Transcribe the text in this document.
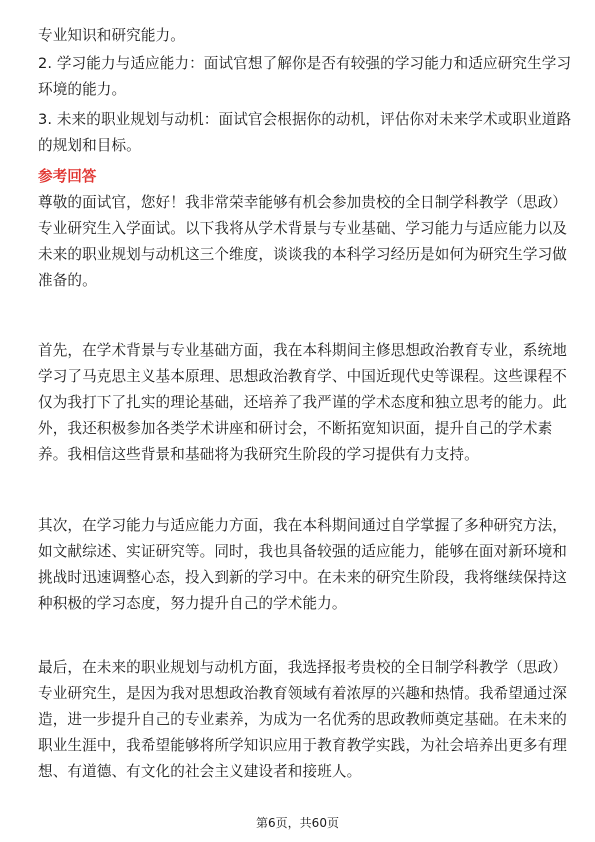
专业知识和研究能力。
2. 学习能力与适应能力：面试官想了解你是否有较强的学习能力和适应研究生学习
环境的能力。
3. 未来的职业规划与动机：面试官会根据你的动机，评估你对未来学术或职业道路
的规划和目标。
参考回答
尊敬的面试官，您好！我非常荣幸能够有机会参加贵校的全日制学科教学（思政）
专业研究生入学面试。以下我将从学术背景与专业基础、学习能力与适应能力以及
未来的职业规划与动机这三个维度，谈谈我的本科学习经历是如何为研究生学习做
准备的。
首先，在学术背景与专业基础方面，我在本科期间主修思想政治教育专业，系统地
学习了马克思主义基本原理、思想政治教育学、中国近现代史等课程。这些课程不
仅为我打下了扎实的理论基础，还培养了我严谨的学术态度和独立思考的能力。此
外，我还积极参加各类学术讲座和研讨会，不断拓宽知识面，提升自己的学术素
养。我相信这些背景和基础将为我研究生阶段的学习提供有力支持。
其次，在学习能力与适应能力方面，我在本科期间通过自学掌握了多种研究方法，
如文献综述、实证研究等。同时，我也具备较强的适应能力，能够在面对新环境和
挑战时迅速调整心态，投入到新的学习中。在未来的研究生阶段，我将继续保持这
种积极的学习态度，努力提升自己的学术能力。
最后，在未来的职业规划与动机方面，我选择报考贵校的全日制学科教学（思政）
专业研究生，是因为我对思想政治教育领域有着浓厚的兴趣和热情。我希望通过深
造，进一步提升自己的专业素养，为成为一名优秀的思政教师奠定基础。在未来的
职业生涯中，我希望能够将所学知识应用于教育教学实践，为社会培养出更多有理
想、有道德、有文化的社会主义建设者和接班人。
第6页，共60页
